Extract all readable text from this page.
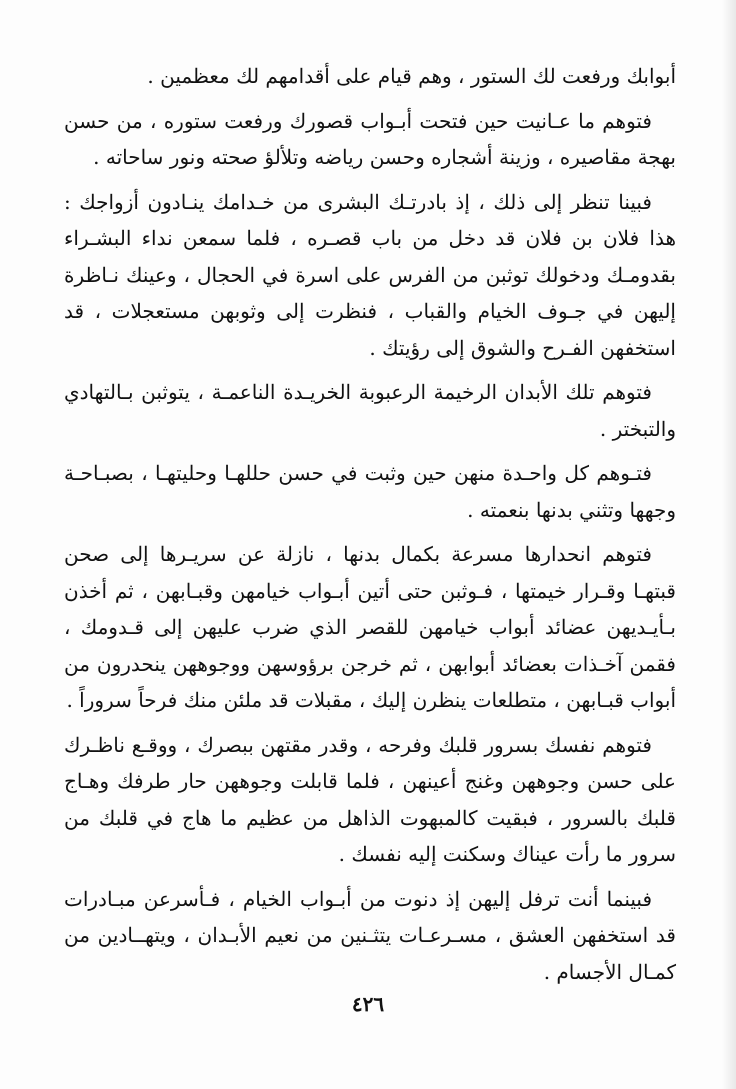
أبوابك ورفعت لك الستور ، وهم قيام على أقدامهم لك معظمين .

فتوهم ما عـانيت حين فتحت أبـواب قصورك ورفعت ستوره ، من حسن بهجة مقاصيره ، وزينة أشجاره وحسن رياضه وتلألؤ صحته ونور ساحاته .

فبينا تنظر إلى ذلك ، إذ بادرتـك البشرى من خـدامك ينـادون أزواجك : هذا فلان بن فلان قد دخل من باب قصـره ، فلما سمعن نداء البشـراء بقدومـك ودخولك توثبن من الفرس على اسرة في الحجال ، وعينك نـاظرة إليهن في جـوف الخيام والقباب ، فنظرت إلى وثوبهن مستعجلات ، قد استخفهن الفـرح والشوق إلى رؤيتك .

فتوهم تلك الأبدان الرخيمة الرعبوبة الخريـدة الناعمـة ، يتوثبن بـالتهادي والتبختر .

فتـوهم كل واحـدة منهن حين وثبت في حسن حللهـا وحليتهـا ، بصبـاحـة وجهها وتثني بدنها بنعمته .

فتوهم انحدارها مسرعة بكمال بدنها ، نازلة عن سريـرها إلى صحن قبتهـا وقـرار خيمتها ، فـوثبن حتى أتين أبـواب خيامهن وقبـابهن ، ثم أخذن بـأيـديهن عضائد أبواب خيامهن للقصر الذي ضرب عليهن إلى قـدومك ، فقمن آخـذات بعضائد أبوابهن ، ثم خرجن برؤوسهن ووجوههن ينحدرون من أبواب قبـابهن ، متطلعات ينظرن إليك ، مقبلات قد ملئن منك فرحاً سروراً .

فتوهم نفسك بسرور قلبك وفرحه ، وقدر مقتهن ببصرك ، ووقـع ناظـرك على حسن وجوههن وغنج أعينهن ، فلما قابلت وجوههن حار طرفك وهـاج قلبك بالسرور ، فبقيت كالمبهوت الذاهل من عظيم ما هاج في قلبك من سرور ما رأت عيناك وسكنت إليه نفسك .

فبينما أنت ترفل إليهن إذ دنوت من أبـواب الخيام ، فـأسرعن مبـادرات قد استخفهن العشق ، مسـرعـات يتثـنين من نعيم الأبـدان ، ويتهــادين من كمـال الأجسام .

٤٢٦
